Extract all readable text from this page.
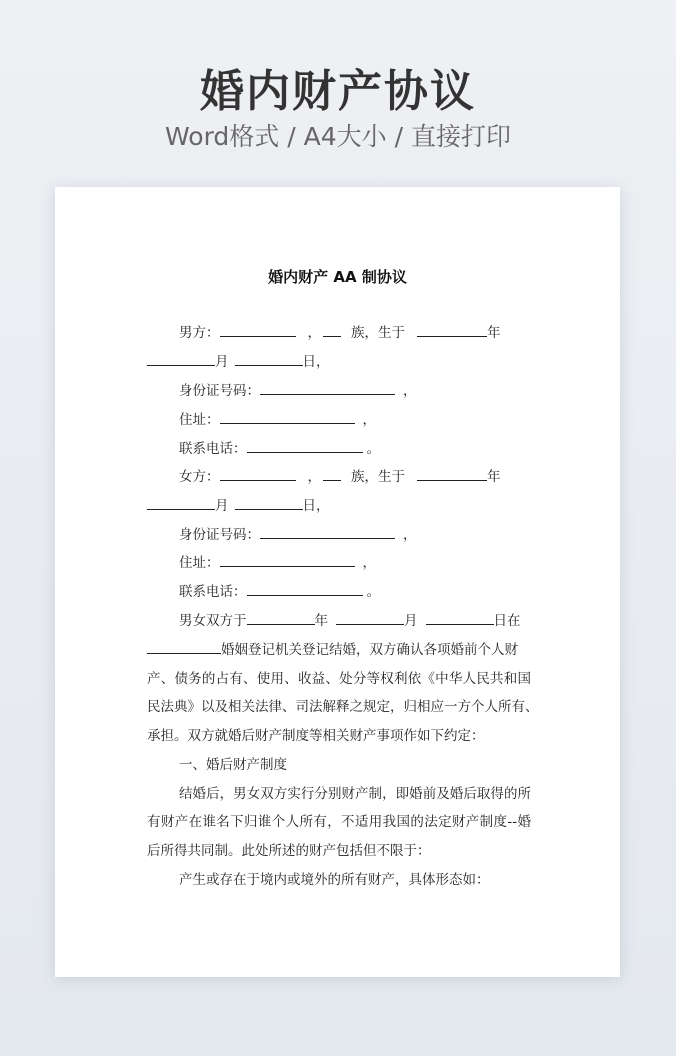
婚内财产协议
Word格式 / A4大小 / 直接打印
婚内财产 AA 制协议
男方：	， 族，生于	年
月	日，
身份证号码：	，
住址：	，
联系电话：	。
女方：	， 族，生于	年
月	日，
身份证号码：	，
住址：	，
联系电话：	。
男女双方于	年	月	日在
婚姻登记机关登记结婚，双方确认各项婚前个人财
产、债务的占有、使用、收益、处分等权利依《中华人民共和国
民法典》以及相关法律、司法解释之规定，归相应一方个人所有、
承担。双方就婚后财产制度等相关财产事项作如下约定：
一、婚后财产制度
结婚后，男女双方实行分别财产制，即婚前及婚后取得的所
有财产在谁名下归谁个人所有，不适用我国的法定财产制度--婚
后所得共同制。此处所述的财产包括但不限于：
产生或存在于境内或境外的所有财产，具体形态如：
